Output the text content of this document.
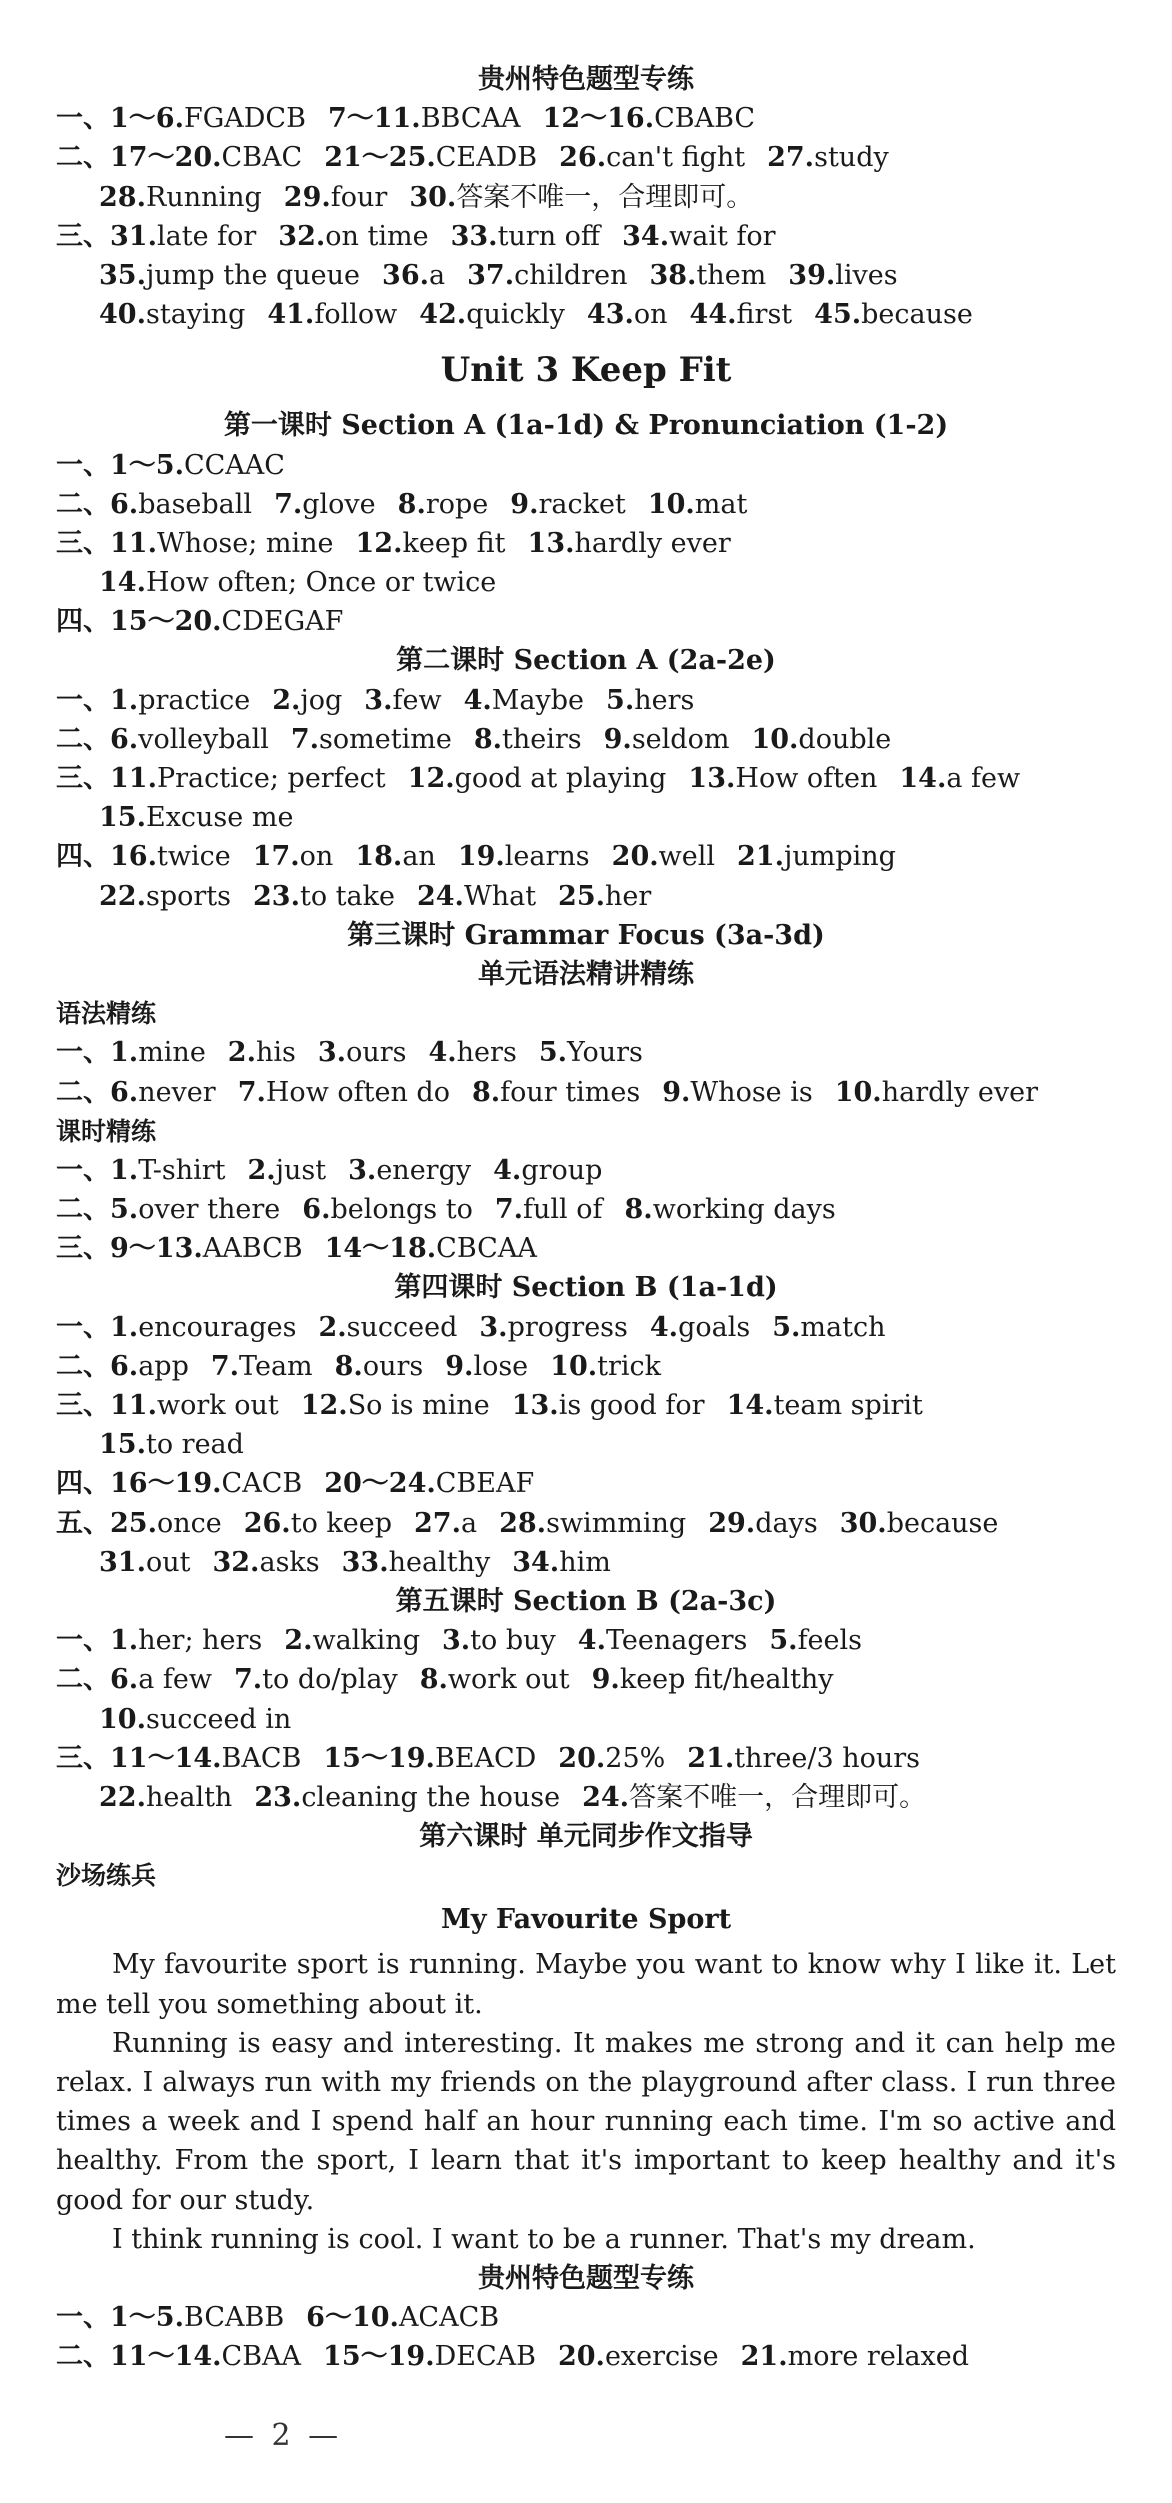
贵州特色题型专练
一、1～6.FGADCB 7～11.BBCAA 12～16.CBABC
二、17～20.CBAC 21～25.CEADB 26.can't fight 27.study
28.Running 29.four 30.答案不唯一，合理即可。
三、31.late for 32.on time 33.turn off 34.wait for
35.jump the queue 36.a 37.children 38.them 39.lives
40.staying 41.follow 42.quickly 43.on 44.first 45.because
Unit 3 Keep Fit
第一课时 Section A (1a-1d) & Pronunciation (1-2)
一、1～5.CCAAC
二、6.baseball 7.glove 8.rope 9.racket 10.mat
三、11.Whose; mine 12.keep fit 13.hardly ever
14.How often; Once or twice
四、15～20.CDEGAF
第二课时 Section A (2a-2e)
一、1.practice 2.jog 3.few 4.Maybe 5.hers
二、6.volleyball 7.sometime 8.theirs 9.seldom 10.double
三、11.Practice; perfect 12.good at playing 13.How often 14.a few
15.Excuse me
四、16.twice 17.on 18.an 19.learns 20.well 21.jumping
22.sports 23.to take 24.What 25.her
第三课时 Grammar Focus (3a-3d)
单元语法精讲精练
语法精练
一、1.mine 2.his 3.ours 4.hers 5.Yours
二、6.never 7.How often do 8.four times 9.Whose is 10.hardly ever
课时精练
一、1.T-shirt 2.just 3.energy 4.group
二、5.over there 6.belongs to 7.full of 8.working days
三、9～13.AABCB 14～18.CBCAA
第四课时 Section B (1a-1d)
一、1.encourages 2.succeed 3.progress 4.goals 5.match
二、6.app 7.Team 8.ours 9.lose 10.trick
三、11.work out 12.So is mine 13.is good for 14.team spirit
15.to read
四、16～19.CACB 20～24.CBEAF
五、25.once 26.to keep 27.a 28.swimming 29.days 30.because
31.out 32.asks 33.healthy 34.him
第五课时 Section B (2a-3c)
一、1.her; hers 2.walking 3.to buy 4.Teenagers 5.feels
二、6.a few 7.to do/play 8.work out 9.keep fit/healthy
10.succeed in
三、11～14.BACB 15～19.BEACD 20.25% 21.three/3 hours
22.health 23.cleaning the house 24.答案不唯一，合理即可。
第六课时 单元同步作文指导
沙场练兵
My Favourite Sport
My favourite sport is running. Maybe you want to know why I like it. Let me tell you something about it.
Running is easy and interesting. It makes me strong and it can help me relax. I always run with my friends on the playground after class. I run three times a week and I spend half an hour running each time. I'm so active and healthy. From the sport, I learn that it's important to keep healthy and it's good for our study.
I think running is cool. I want to be a runner. That's my dream.
贵州特色题型专练
一、1～5.BCABB 6～10.ACACB
二、11～14.CBAA 15～19.DECAB 20.exercise 21.more relaxed
— 2 —
